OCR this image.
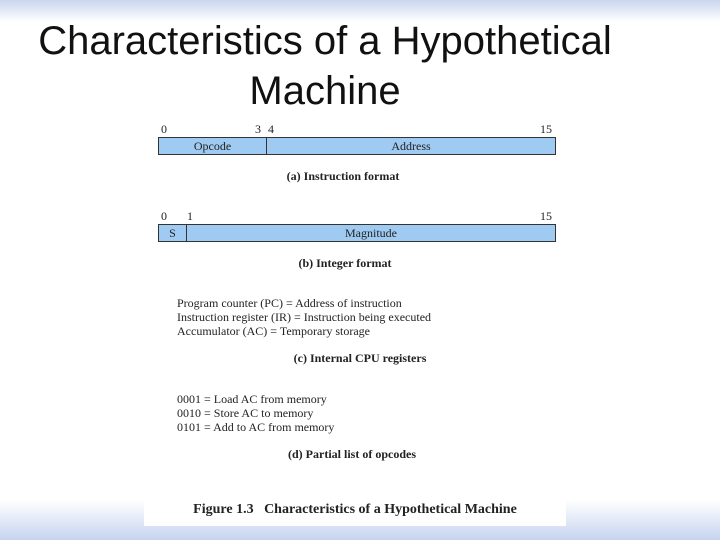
Characteristics of a Hypothetical
Machine
0	3 4	15
Opcode	Address
(a) Instruction format
0 1	15
S	Magnitude
(b) Integer format
Program counter (PC) = Address of instruction
Instruction register (IR) = Instruction being executed
Accumulator (AC) = Temporary storage
(c) Internal CPU registers
0001 = Load AC from memory
0010 = Store AC to memory
0101 = Add to AC from memory
(d) Partial list of opcodes
Figure 1.3   Characteristics of a Hypothetical Machine
